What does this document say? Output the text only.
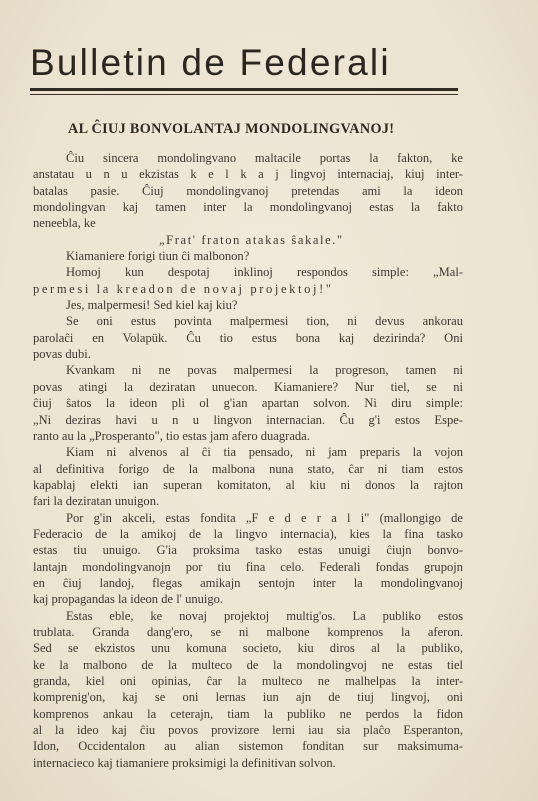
Bulletin de Federali
AL ĈIUJ BONVOLANTAJ MONDOLINGVANOJ!
Ĉiu sincera mondolingvano maltacile portas la fakton, ke
anstatau u n u ekzistas k e l k a j lingvoj internaciaj, kiuj inter-
batalas pasie. Ĉiuj mondolingvanoj pretendas ami la ideon
mondolingvan kaj tamen inter la mondolingvanoj estas la fakto
neneebla, ke
„Frat' fraton atakas ŝakale."
Kiamaniere forigi tiun ĉi malbonon?
Homoj kun despotaj inklinoj respondos simple: „Mal-
permesi la kreadon de novaj projektoj!"
Jes, malpermesi! Sed kiel kaj kiu?
Se oni estus povinta malpermesi tion, ni devus ankorau
parolaĉi en Volapük. Ĉu tio estus bona kaj dezirinda? Oni
povas dubi.
Kvankam ni ne povas malpermesi la progreson, tamen ni
povas atingi la deziratan unuecon. Kiamaniere? Nur tiel, se ni
ĉiuj ŝatos la ideon pli ol g'ian apartan solvon. Ni diru simple:
„Ni deziras havi u n u lingvon internacian. Ĉu g'i estos Espe-
ranto au la „Prosperanto", tio estas jam afero duagrada.
Kiam ni alvenos al ĉi tia pensado, ni jam preparis la vojon
al definitiva forigo de la malbona nuna stato, ĉar ni tiam estos
kapablaj elekti ian superan komitaton, al kiu ni donos la rajton
fari la deziratan unuigon.
Por g'in akceli, estas fondita „F e d e r a l i" (mallongigo de
Federacio de la amikoj de la lingvo internacia), kies la fina tasko
estas tiu unuigo. G'ia proksima tasko estas unuigi ĉiujn bonvo-
lantajn mondolingvanojn por tiu fina celo. Federali fondas grupojn
en ĉiuj landoj, flegas amikajn sentojn inter la mondolingvanoj
kaj propagandas la ideon de l' unuigo.
Estas eble, ke novaj projektoj multig'os. La publiko estos
trublata. Granda dang'ero, se ni malbone komprenos la aferon.
Sed se ekzistos unu komuna societo, kiu diros al la publiko,
ke la malbono de la multeco de la mondolingvoj ne estas tiel
granda, kiel oni opinias, ĉar la multeco ne malhelpas la inter-
komprenig'on, kaj se oni lernas iun ajn de tiuj lingvoj, oni
komprenos ankau la ceterajn, tiam la publiko ne perdos la fidon
al la ideo kaj ĉiu povos provizore lerni iau sia plaĉo Esperanton,
Idon, Occidentalon au alian sistemon fonditan sur maksimuma-
internacieco kaj tiamaniere proksimigi la definitivan solvon.
